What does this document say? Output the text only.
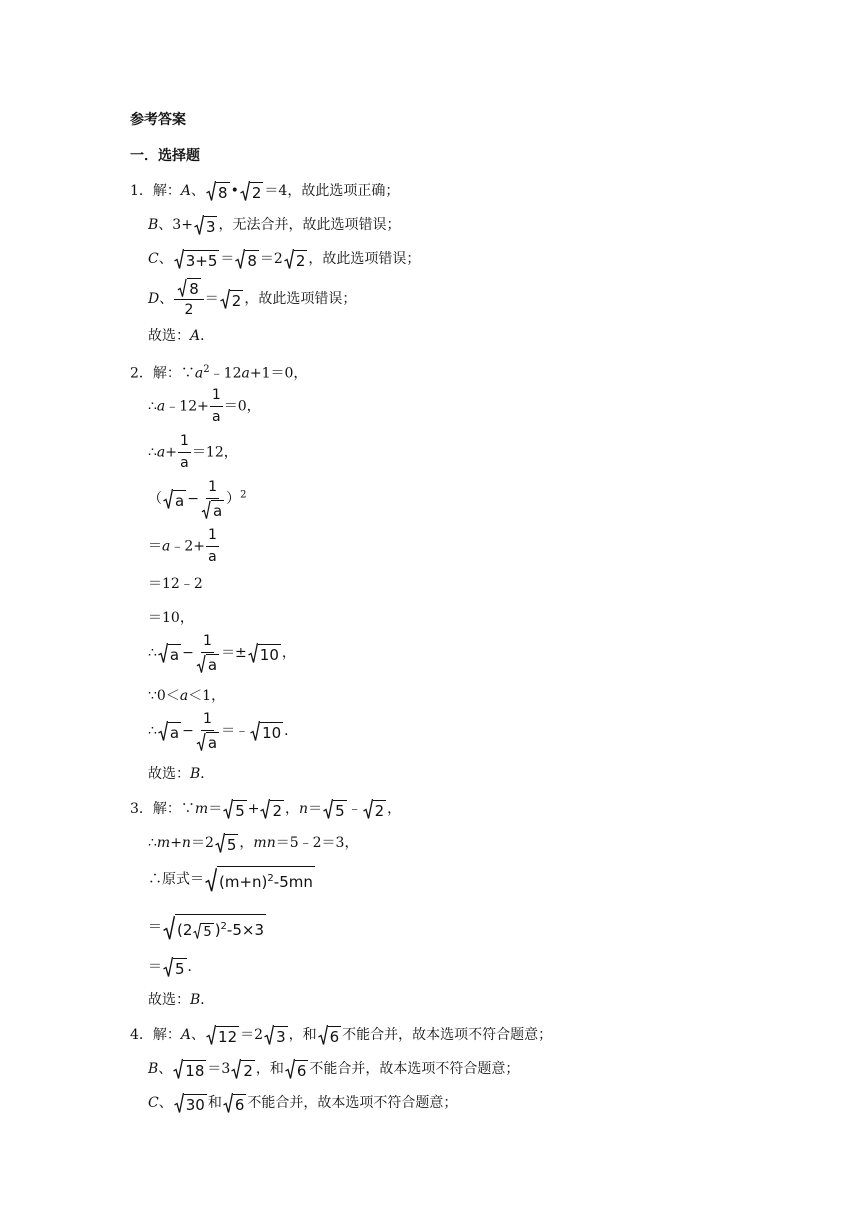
参考答案
一．选择题
1．解：A、 8 • 2 ＝4，故此选项正确；
B、3+ 3 ，无法合并，故此选项错误；
C、 3+5 ＝ 8 ＝2 2 ，故此选项错误；
D、 $\frac{8}{2} = 2$ ，故此选项错误；
故选：A．
2．解：$\because a^2﹣12a+1=0$，
∴a﹣12+ $\frac{1}{a} =0$，
∴a+ $\frac{1}{a} =12$，
（ $a - \frac{1}{a} )^2$
＝a﹣2+ $\frac{1}{a}$
＝12﹣2
＝10，
∴ $a - \frac{1}{a} =\pm 10$ ，
∵0＜a＜1，
∴ $a - \frac{1}{a}$ ＝﹣ 10 ．
故选：B．
3．解：∵m＝ 5 + 2 ，n＝ 5 ﹣ 2 ，
∴m+n＝2 5 ，mn＝5﹣2＝3，
∴原式＝ $(m+n)^2-5mn$
＝ (2 5 )$^2$-5×3
＝ 5 ．
故选：B．
4．解：A、 12 ＝2 3 ，和 6 不能合并，故本选项不符合题意；
B、 18 ＝3 2 ，和 6 不能合并，故本选项不符合题意；
C、 30 和 6 不能合并，故本选项不符合题意；
